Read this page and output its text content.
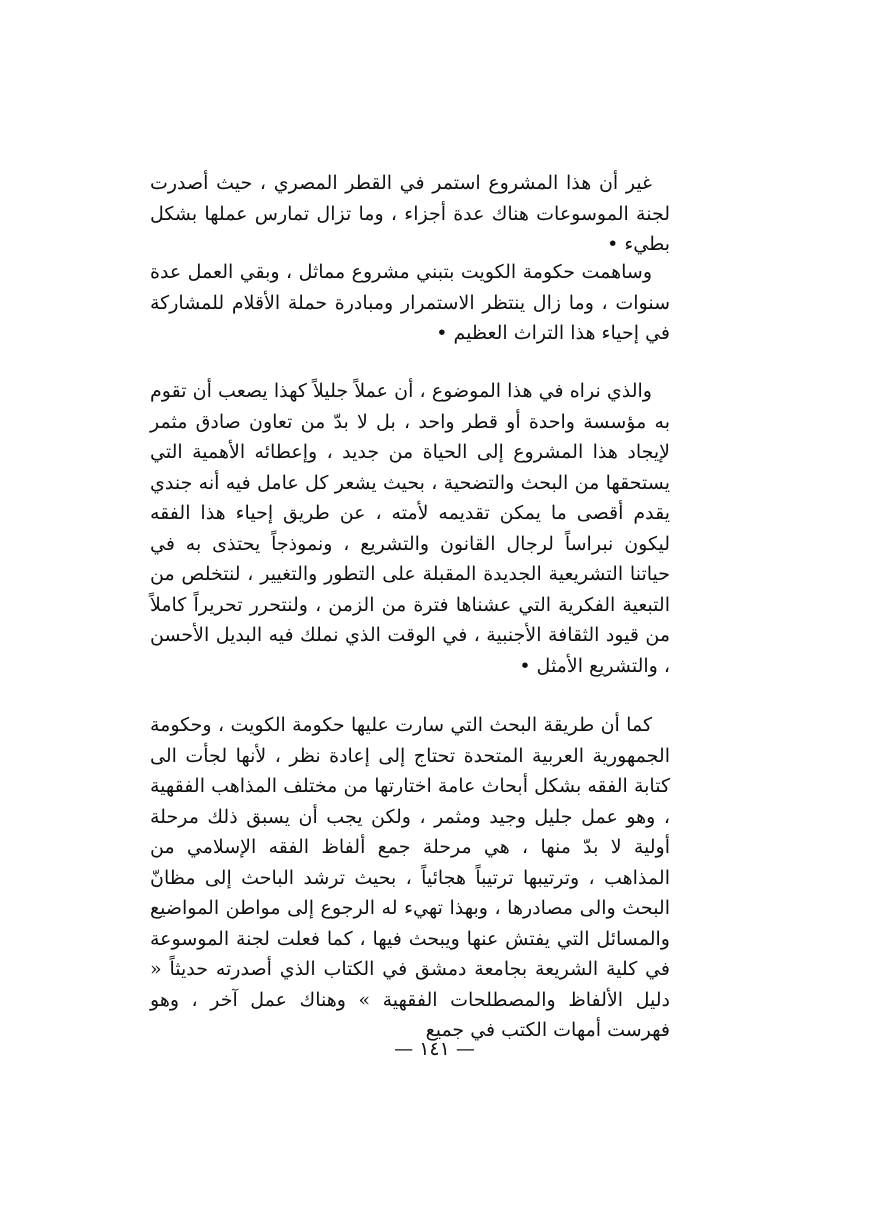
غير أن هذا المشروع استمر في القطر المصري ، حيث أصدرت لجنة الموسوعات هناك عدة أجزاء ، وما تزال تمارس عملها بشكل بطيء •

وساهمت حكومة الكويت بتبني مشروع مماثل ، وبقي العمل عدة سنوات ، وما زال ينتظر الاستمرار ومبادرة حملة الأقلام للمشاركة في إحياء هذا التراث العظيم •

والذي نراه في هذا الموضوع ، أن عملاً جليلاً كهذا يصعب أن تقوم به مؤسسة واحدة أو قطر واحد ، بل لا بدّ من تعاون صادق مثمر لإيجاد هذا المشروع إلى الحياة من جديد ، وإعطائه الأهمية التي يستحقها من البحث والتضحية ، بحيث يشعر كل عامل فيه أنه جندي يقدم أقصى ما يمكن تقديمه لأمته ، عن طريق إحياء هذا الفقه ليكون نبراساً لرجال القانون والتشريع ، ونموذجاً يحتذى به في حياتنا التشريعية الجديدة المقبلة على التطور والتغيير ، لنتخلص من التبعية الفكرية التي عشناها فترة من الزمن ، ولنتحرر تحريراً كاملاً من قيود الثقافة الأجنبية ، في الوقت الذي نملك فيه البديل الأحسن ، والتشريع الأمثل •

كما أن طريقة البحث التي سارت عليها حكومة الكويت ، وحكومة الجمهورية العربية المتحدة تحتاج إلى إعادة نظر ، لأنها لجأت الى كتابة الفقه بشكل أبحاث عامة اختارتها من مختلف المذاهب الفقهية ، وهو عمل جليل وجيد ومثمر ، ولكن يجب أن يسبق ذلك مرحلة أولية لا بدّ منها ، هي مرحلة جمع ألفاظ الفقه الإسلامي من المذاهب ، وترتيبها ترتيباً هجائياً ، بحيث ترشد الباحث إلى مظانّ البحث والى مصادرها ، وبهذا تهيء له الرجوع إلى مواطن المواضيع والمسائل التي يفتش عنها ويبحث فيها ، كما فعلت لجنة الموسوعة في كلية الشريعة بجامعة دمشق في الكتاب الذي أصدرته حديثاً « دليل الألفاظ والمصطلحات الفقهية » وهناك عمل آخر ، وهو فهرست أمهات الكتب في جميع

— ١٤١ —
